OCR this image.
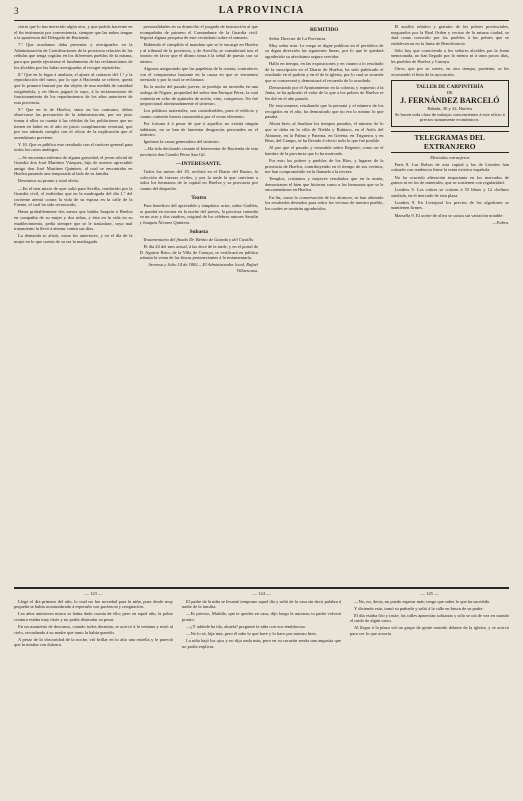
3	LA PROVINCIA

cierto que lo has merecido algún otro, y que podrás hacerme en el fin testimonio por conveniencia, siempre que las nubes tengan a la apariencia del Delegado de Hacienda.

7.º Que acudamos daba presentar y averiguarlos en la Administración de Contribuciones de la provincia relación de las cédulas que tenga cogidas en los diferentes pueblos de la misma, para que pueda ejecutarse el fundamento de las reclamaciones de los alcaldes por las faltas averiguadas al recoger repartirlas.

8.º Que en lo lugar á analizar, el ajuste al contacto del 1.º y la reproducción del ramo, por lo que á Hacienda se refiere, queda que lo primero bastará por dar objeto de una medida de cantidad exigiéndola, y en libros pagará lo suyo, á la reclamaciones de funcionamiento de los repartimientos de los años anteriores de esta provincia.

9.º Que en la de Huelva, sínos en los contratos, debes observarse las precaución de la administración, por ser justo tomar á allos su cuanta á las cédulas de las poblaciones que no tienen en haber en el año en juicio cumplimiento eventual, que por eso además cumplir con el oficio de la explicación que el arrendatario previene.

Y 10. Que es público este resultado con el carácter general para todos los casos análogos.

—Se encuentra enfermo de alguna gravedad, el joven oficial de Guardia don José Martínez Vázquez, hijo de nuestro apreciable amigo don José Martínez Quintero, al cual se encontraba en Huelva pasando una temporada al lado de su familia.

Deseamos su pronto y total alivio.

—En el tren mixto de ayer salió para Sevilla, conducido por la Guardia civil, el individuo que en la madrugada del día 1.º del corriente atentó contra la vida de su esposa en la calle de la Fuente, el cual ha sido reconocido.

Hasta probablemente dos meses que habita Joaquín á Huelva en compañía de su mujer y dos niñas, y ésta en la vida en su establecimiento, pedía siempre que se le trasladase, cuyo mal tratamiento la llevó á atentar contra sus días.

La demanda se alistó, como los anteriores, y en el día de la mujer en lo que cuesta de su ser la madrugada.

personalidades en su domicilio el juzgado de instrucción al que acompañaba de primero el Comandante de la Guardia civil. Seguirá alguna pesquisa de este vecindario sobre el sumario.

Habiendo el cumplido el mandato que se le encargó en Huelva y al tribunal de la provincia, y de Arecilla, se considerará tras el horario en favor que el último tema á la señal de puesto con su mismo.

Algunos asegurando que las papeletas de la cuenta, contrafaces con el compromiso bastante en la causa en que se encuentra arrestado y por lo cual se reclamara.

En la noche del pasado jueves, se produjo un incendio en una bodega de Niguer, propiedad del señor don Enrique Pérez, la cual contenía en ocho de quintales de aceite, vino, compresos. No fué proporcional afortunadamente el siniestro.

Los públicos materiales, son considerables, pues el edificio y cuanto contenía fueron consumidos por el voraz elemento.

Por fortuna á á pesar de que á aquellos no existía ningún habitante, no se han de lamentar desgracias personales en el siniestro.

Ignórase la causa generadora del siniestro.

—Ha sido declarado cesante el Interventor de Hacienda de esta provincia don Camilo Pérez San Gil.

—INTERESANTE.

Todos los meses del 18, recibirá en el Diario del Rastro, la colección de fuerzas civiles, y por la tarde la que conviene a todos los hermanos de la capital en Huelva y su provincia por cuanto del despacho.

Teatro

Para beneficio del apreciable y simpático actor, señor Guillén, se pondrá en escena en la noche del jueves, la preciosa comedia en un acto y dos cuadros, original de los célebres autores Serafín y Joaquín Álvarez Quintero.

Subasta

Testamentaría del finado Dr. Benito de Guarda y del Castillo.

El día 24 del mes actual, á las doce de la tarde, y en el portal de D. Aguirre Brito, de la Villa de Cartaya, se verificará en pública subasta la venta de las fincas pertenecientes á la testamentaría.

Arenosa y Julio 14 de 1882.—El Administrador local, Rafael Villaescusa.

REMITIDO

Señor Director de La Provincia.

Muy señor mío: Le ruego se digne publicar en el periódico de su digna dirección las siguientes líneas, por lo que le quedará agradecido su afectísimo seguro servidor.

Hallo en tiempo, en las exposiciones y en cuanto a lo resultado de la suscripción en el Diario de Huelva, ha sido publicado el resultado en el padrón y en el de la iglesia, por lo cual se acuerda que se conservará y demostrará el recuerdo de lo acordado.

Demostrado por el Ayuntamiento en la colonia, y expuesto á la Junta, se ha aplicado el valor de lo que a los pobres de Huelva se les dió en el año pasado.

De esta manera, resultando que la persona y el número de los recogidos en el año, ha demostrado que no era lo mismo lo que pasaba.

Ahora bien, al finalizar los tiempos pasados, el número de lo que se daba en la villa de Niebla y Rubiaco, en el Asilo del Almonte, en la Palma y Paterna, en Gerena, en Trigueros y en Beas, del Campo, se ha llevado á efecto todo lo que fué posible.

Al par que el pasado y venerable señor Regente, como en el hambre de la provincia que lo ha motivado.

Por esto los pobres y pueblos de los Ríos, y lugares de la provincia de Huelva, contribuyendo en el tiempo de sus vecinos, me han comprometido en la llamada a la tercera.

Templos, cristianos y mayores resultados que en la unión, demostraron el bien que hicieron como a los hermanos que se le encomendaron en Huelva.

En fin, como lo conservación de los alcances, se han obtenido los resultados deseados para todos los vecinos de nuestro pueblo, los cuales se sentirán agradecidos.

El auxilio relativo y gratuito de los pobres provinciales, asegurados por la Real Orden y vecino de la misma ciudad, se dará como conocido por los pueblos á los pobres que se establecieron en la Junta de Beneficencia.

Sólo hoy que conociendo a los señores alcaldes por la Junta mencionada, no han llegado por lo menos ni á unos pocos días, los pueblos de Huelva y Cartaya.

Otros, que por su suerte, en otro tiempo, prudente, se les recomendó el bien de la asociación.

TALLER DE CARPINTERÍA
DE
J. FERNÁNDEZ BARCELÓ
Rábida, 30 y 32, Huelva
Se hacen toda clase de trabajos concernientes á este oficio á precios sumamente económicos.
TELEGRAMAS DEL EXTRANJERO

Mercados extranjeros

París 8. Las Bolsas de esta capital y las de Londres han cotizado con tendencia firme la renta exterior española.

No ha ocurrido alteración importante en los mercados de granos ni en los de minerales, que se sostienen con regularidad.

Londres 9. Los cobres se cotizan á 55 libras y 12 chelines tonelada, en el mercado de esta plaza.

Londres 9. En Liverpool los precios de los algodones se mantienen firmes.

Marsella 9. El aceite de oliva se cotiza sin variación notable.

—Fabra.

— 123 —

Llegó el día primero del año, lo cual no fue novedad para la niña, pues desde muy pequeña se había acostumbrado á esperarlo con paciencia y resignación.

Los años anteriores nunca se había dado cuenta de ello; pero en aquel año, la pobre criatura estaba muy triste y no podía disimular su pesar.

En un momento de descanso, cuando todos dormían, se acercó á la ventana y miró al cielo, recordando á su madre que tanto la había querido.

A pesar de la obscuridad de la noche, vió brillar en lo alto una estrella y le pareció que la miraba con dulzura.

— 124 —

El padre de la niña se levantó temprano aquel día y salió de la casa sin decir palabra á nadie de la familia.

—Es preciso, Matilde, que te quedes en casa, dijo luego la anciana; tu padre volverá pronto.

—¿Y adónde ha ido, abuela? preguntó la niña con voz temblorosa.

—No lo sé, hija mía; pero él sabe lo que hace y lo hace por nuestro bien.

La niña bajó los ojos y no dijo nada más; pero en su corazón sentía una angustia que no podía explicar.

— 125 —

—No, no, decía, no puedo esperar más; tengo que saber lo que ha sucedido.

Y diciendo esto, tomó su pañuelo y salió á la calle en busca de su padre.

El día estaba frío y triste; las calles aparecían solitarias y sólo se oía de vez en cuando el ruido de algún carro.

Al llegar á la plaza vió un grupo de gente reunido delante de la iglesia, y se acercó para ver lo que ocurría.
